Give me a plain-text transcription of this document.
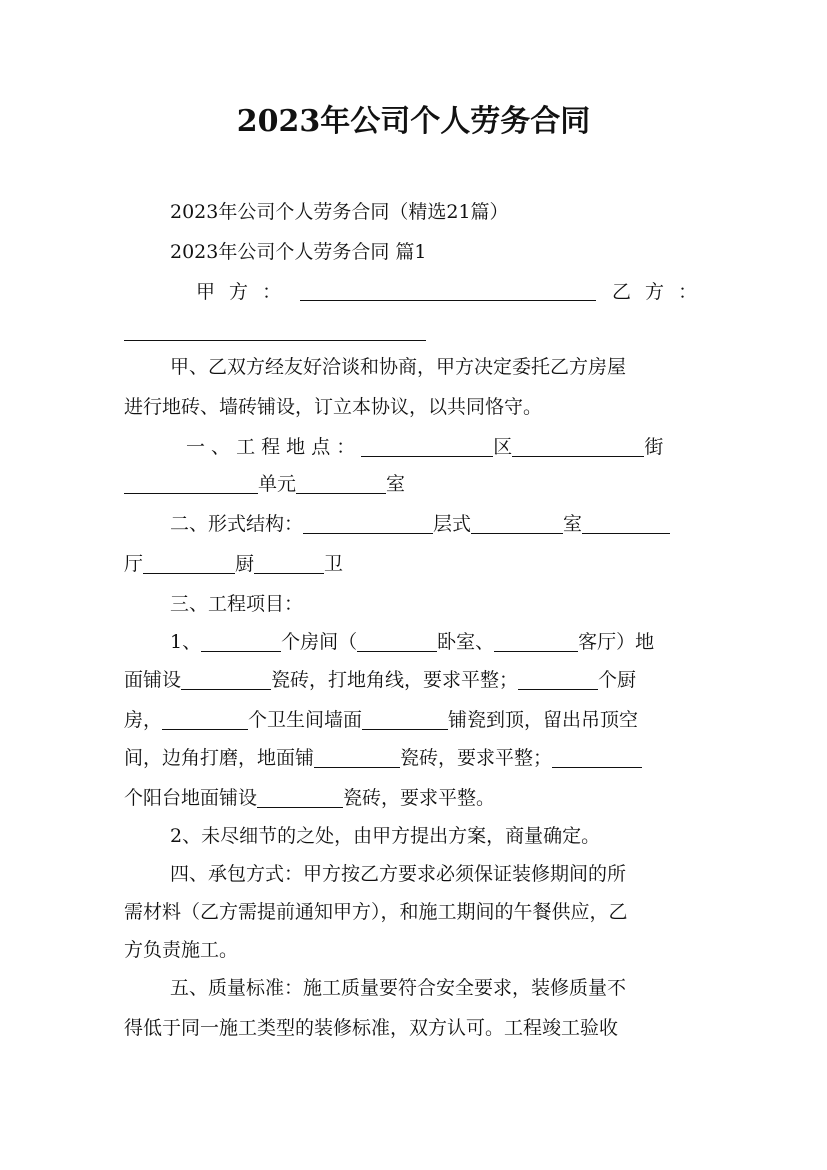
2023年公司个人劳务合同
2023年公司个人劳务合同（精选21篇）
2023年公司个人劳务合同 篇1
甲 方 ：	乙 方 ：
甲、乙双方经友好洽谈和协商，甲方决定委托乙方房屋
进行地砖、墙砖铺设，订立本协议，以共同恪守。
一 、 工 程 地 点 ：	区	街
单元	室
二、形式结构：	层式	室
厅	厨	卫
三、工程项目：
1、	个房间（	卧室、	客厅）地
面铺设	瓷砖，打地角线，要求平整；	个厨
房，	个卫生间墙面	铺瓷到顶，留出吊顶空
间，边角打磨，地面铺	瓷砖，要求平整；
个阳台地面铺设	瓷砖，要求平整。
2、未尽细节的之处，由甲方提出方案，商量确定。
四、承包方式：甲方按乙方要求必须保证装修期间的所
需材料（乙方需提前通知甲方），和施工期间的午餐供应，乙
方负责施工。
五、质量标准：施工质量要符合安全要求，装修质量不
得低于同一施工类型的装修标准，双方认可。工程竣工验收
